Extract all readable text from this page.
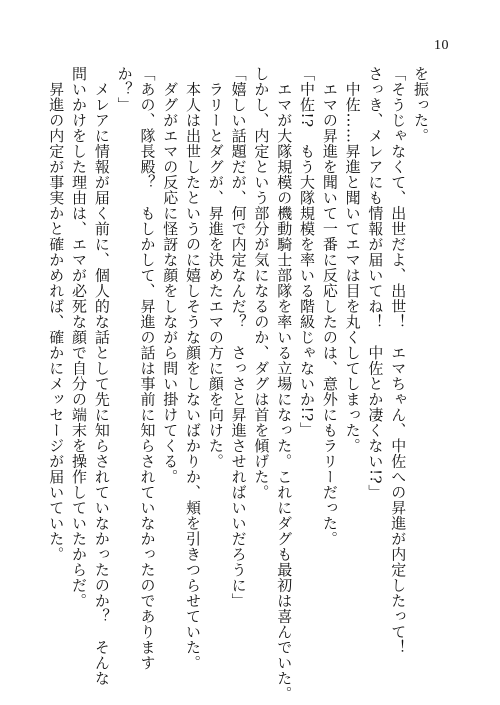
10
を振った。
「そうじゃなくて、出世だよ、出世！　エマちゃん、中佐への昇進が内定したって！
さっき、メレアにも情報が届いてね！　中佐とか凄くない!?」
　中佐……昇進と聞いてエマは目を丸くしてしまった。
　エマの昇進を聞いて一番に反応したのは、意外にもラリーだった。
「中佐!?　もう大隊規模を率いる階級じゃないか!?」
　エマが大隊規模の機動騎士部隊を率いる立場になった。これにダグも最初は喜んでいた。
しかし、内定という部分が気になるのか、ダグは首を傾げた。
「嬉しい話題だが、何で内定なんだ？　さっさと昇進させればいいだろうに」
　ラリーとダグが、昇進を決めたエマの方に顔を向けた。
　本人は出世したというのに嬉しそうな顔をしないばかりか、頬を引きつらせていた。
　ダグがエマの反応に怪訝な顔をしながら問い掛けてくる。
「あの、隊長殿？　もしかして、昇進の話は事前に知らされていなかったのであります
か？」
　メレアに情報が届く前に、個人的な話として先に知らされていなかったのか？　そんな
問いかけをした理由は、エマが必死な顔で自分の端末を操作していたからだ。
　昇進の内定が事実かと確かめれば、確かにメッセージが届いていた。
